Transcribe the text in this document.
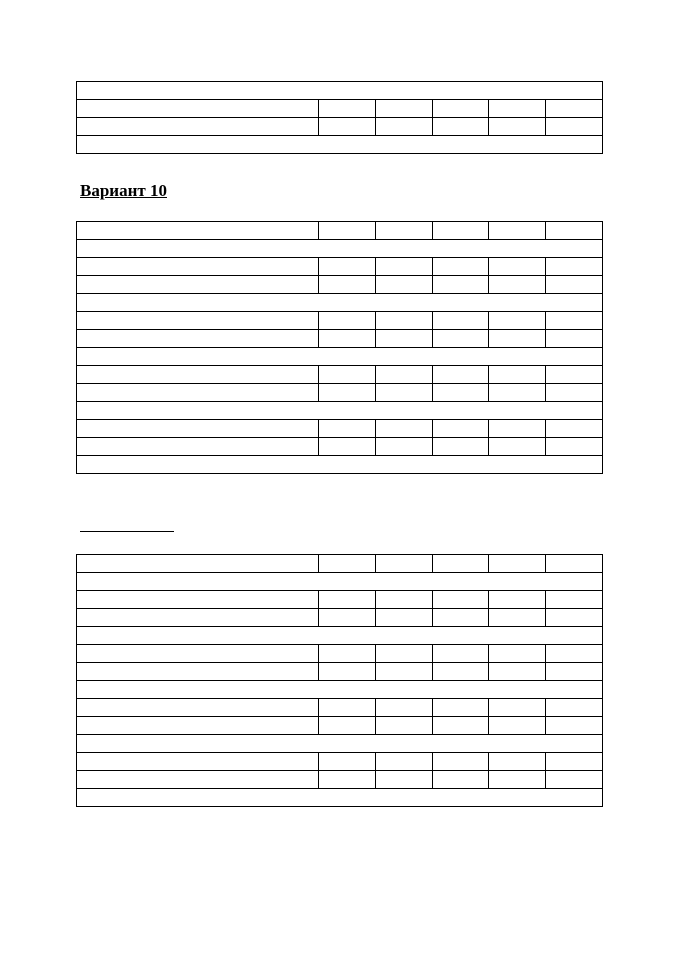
Вариант 10
